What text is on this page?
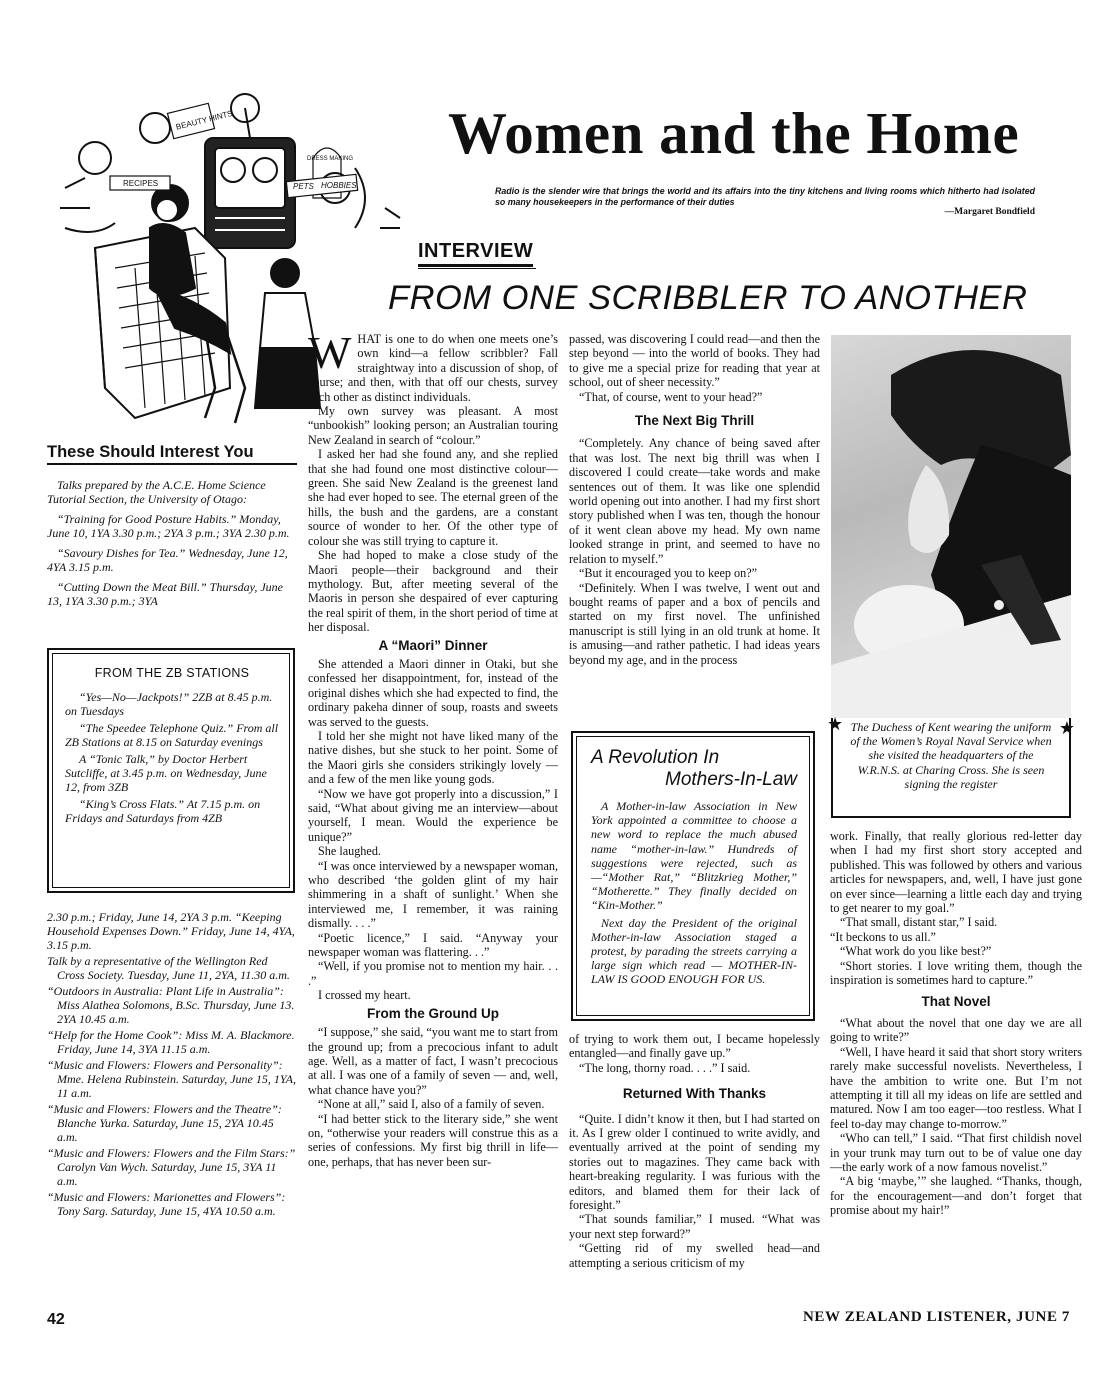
BEAUTY HINTS
RECIPES
DRESS MAKING
PETS HOBBIES
Women and the Home
Radio is the slender wire that brings the world and its affairs into the tiny kitchens and living rooms which hitherto had isolated so many housekeepers in the performance of their duties
—Margaret Bondfield
INTERVIEW
FROM ONE SCRIBBLER TO ANOTHER
These Should Interest You

Talks prepared by the A.C.E. Home Science Tutorial Section, the University of Otago:

“Training for Good Posture Habits.” Monday, June 10, 1YA 3.30 p.m.; 2YA 3 p.m.; 3YA 2.30 p.m.

“Savoury Dishes for Tea.” Wednesday, June 12, 4YA 3.15 p.m.

“Cutting Down the Meat Bill.” Thursday, June 13, 1YA 3.30 p.m.; 3YA

FROM THE ZB STATIONS

“Yes—No—Jackpots!” 2ZB at 8.45 p.m. on Tuesdays

“The Speedee Telephone Quiz.” From all ZB Stations at 8.15 on Saturday evenings

A “Tonic Talk,” by Doctor Herbert Sutcliffe, at 3.45 p.m. on Wednesday, June 12, from 3ZB

“King’s Cross Flats.” At 7.15 p.m. on Fridays and Saturdays from 4ZB

2.30 p.m.; Friday, June 14, 2YA 3 p.m. “Keeping Household Expenses Down.” Friday, June 14, 4YA, 3.15 p.m.

Talk by a representative of the Wellington Red Cross Society. Tuesday, June 11, 2YA, 11.30 a.m.

“Outdoors in Australia: Plant Life in Australia”: Miss Alathea Solomons, B.Sc. Thursday, June 13. 2YA 10.45 a.m.

“Help for the Home Cook”: Miss M. A. Blackmore. Friday, June 14, 3YA 11.15 a.m.

“Music and Flowers: Flowers and Personality”: Mme. Helena Rubinstein. Saturday, June 15, 1YA, 11 a.m.

“Music and Flowers: Flowers and the Theatre”: Blanche Yurka. Saturday, June 15, 2YA 10.45 a.m.

“Music and Flowers: Flowers and the Film Stars:” Carolyn Van Wych. Saturday, June 15, 3YA 11 a.m.

“Music and Flowers: Marionettes and Flowers”: Tony Sarg. Saturday, June 15, 4YA 10.50 a.m.

WHAT is one to do when one meets one’s own kind—a fellow scribbler? Fall straightway into a discussion of shop, of course; and then, with that off our chests, survey each other as distinct individuals.

My own survey was pleasant. A most “unbookish” looking person; an Australian touring New Zealand in search of “colour.”

I asked her had she found any, and she replied that she had found one most distinctive colour—green. She said New Zealand is the greenest land she had ever hoped to see. The eternal green of the hills, the bush and the gardens, are a constant source of wonder to her. Of the other type of colour she was still trying to capture it.

She had hoped to make a close study of the Maori people—their background and their mythology. But, after meeting several of the Maoris in person she despaired of ever capturing the real spirit of them, in the short period of time at her disposal.

A “Maori” Dinner

She attended a Maori dinner in Otaki, but she confessed her disappointment, for, instead of the original dishes which she had expected to find, the ordinary pakeha dinner of soup, roasts and sweets was served to the guests.

I told her she might not have liked many of the native dishes, but she stuck to her point. Some of the Maori girls she considers strikingly lovely — and a few of the men like young gods.

“Now we have got properly into a discussion,” I said, “What about giving me an interview—about yourself, I mean. Would the experience be unique?”

She laughed.

“I was once interviewed by a newspaper woman, who described ‘the golden glint of my hair shimmering in a shaft of sunlight.’ When she interviewed me, I remember, it was raining dismally. . . .”

“Poetic licence,” I said. “Anyway your newspaper woman was flattering. . .”

“Well, if you promise not to mention my hair. . . .”

I crossed my heart.

From the Ground Up

“I suppose,” she said, “you want me to start from the ground up; from a precocious infant to adult age. Well, as a matter of fact, I wasn’t precocious at all. I was one of a family of seven — and, well, what chance have you?”

“None at all,” said I, also of a family of seven.

“I had better stick to the literary side,” she went on, “otherwise your readers will construe this as a series of confessions. My first big thrill in life—one, perhaps, that has never been sur-

passed, was discovering I could read—and then the step beyond — into the world of books. They had to give me a special prize for reading that year at school, out of sheer necessity.”

“That, of course, went to your head?”

The Next Big Thrill

“Completely. Any chance of being saved after that was lost. The next big thrill was when I discovered I could create—take words and make sentences out of them. It was like one splendid world opening out into another. I had my first short story published when I was ten, though the honour of it went clean above my head. My own name looked strange in print, and seemed to have no relation to myself.”

“But it encouraged you to keep on?”

“Definitely. When I was twelve, I went out and bought reams of paper and a box of pencils and started on my first novel. The unfinished manuscript is still lying in an old trunk at home. It is amusing—and rather pathetic. I had ideas years beyond my age, and in the process

A Revolution In
Mothers-In-Law

A Mother-in-law Association in New York appointed a committee to choose a new word to replace the much abused name “mother-in-law.” Hundreds of suggestions were rejected, such as—“Mother Rat,” “Blitzkrieg Mother,” “Motherette.” They finally decided on “Kin-Mother.”

Next day the President of the original Mother-in-law Association staged a protest, by parading the streets carrying a large sign which read — MOTHER-IN-LAW IS GOOD ENOUGH FOR US.

of trying to work them out, I became hopelessly entangled—and finally gave up.”

“The long, thorny road. . . .” I said.

Returned With Thanks

“Quite. I didn’t know it then, but I had started on it. As I grew older I continued to write avidly, and eventually arrived at the point of sending my stories out to magazines. They came back with heart-breaking regularity. I was furious with the editors, and blamed them for their lack of foresight.”

“That sounds familiar,” I mused. “What was your next step forward?”

“Getting rid of my swelled head—and attempting a serious criticism of my

★	★
The Duchess of Kent wearing the uniform of the Women’s Royal Naval Service when she visited the headquarters of the W.R.N.S. at Charing Cross. She is seen signing the register

work. Finally, that really glorious red-letter day when I had my first short story accepted and published. This was followed by others and various articles for newspapers, and, well, I have just gone on ever since—learning a little each day and trying to get nearer to my goal.”

“That small, distant star,” I said.

“It beckons to us all.”

“What work do you like best?”

“Short stories. I love writing them, though the inspiration is sometimes hard to capture.”

That Novel

“What about the novel that one day we are all going to write?”

“Well, I have heard it said that short story writers rarely make successful novelists. Nevertheless, I have the ambition to write one. But I’m not attempting it till all my ideas on life are settled and matured. Now I am too eager—too restless. What I feel to-day may change to-morrow.”

“Who can tell,” I said. “That first childish novel in your trunk may turn out to be of value one day—the early work of a now famous novelist.”

“A big ‘maybe,’” she laughed. “Thanks, though, for the encouragement—and don’t forget that promise about my hair!”

42	NEW ZEALAND LISTENER, JUNE 7
